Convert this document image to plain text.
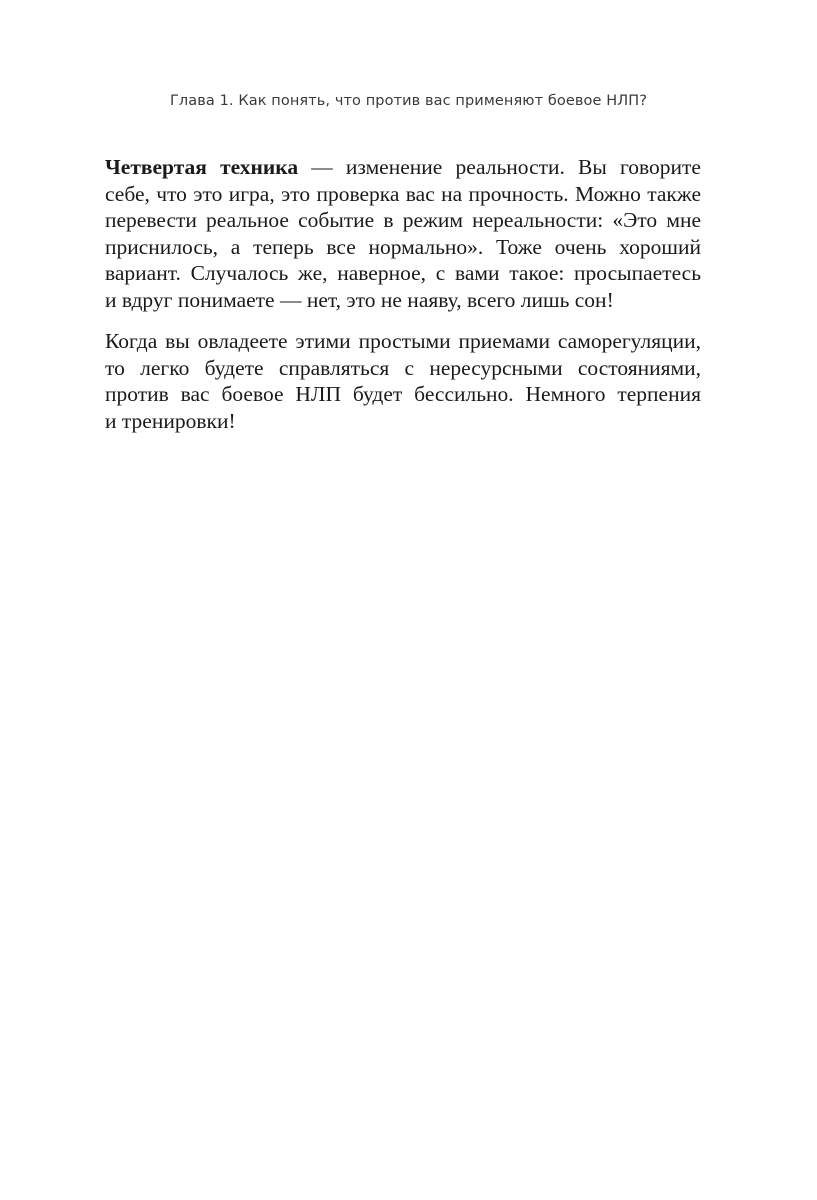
Глава 1. Как понять, что против вас применяют боевое НЛП?

Четвертая техника — изменение реальности. Вы говорите
себе, что это игра, это проверка вас на прочность. Можно также
перевести реальное событие в режим нереальности: «Это мне
приснилось, а теперь все нормально». Тоже очень хороший
вариант. Случалось же, наверное, с вами такое: просыпаетесь
и вдруг понимаете — нет, это не наяву, всего лишь сон!

Когда вы овладеете этими простыми приемами саморегуляции,
то легко будете справляться с нересурсными состояниями,
против вас боевое НЛП будет бессильно. Немного терпения
и тренировки!
